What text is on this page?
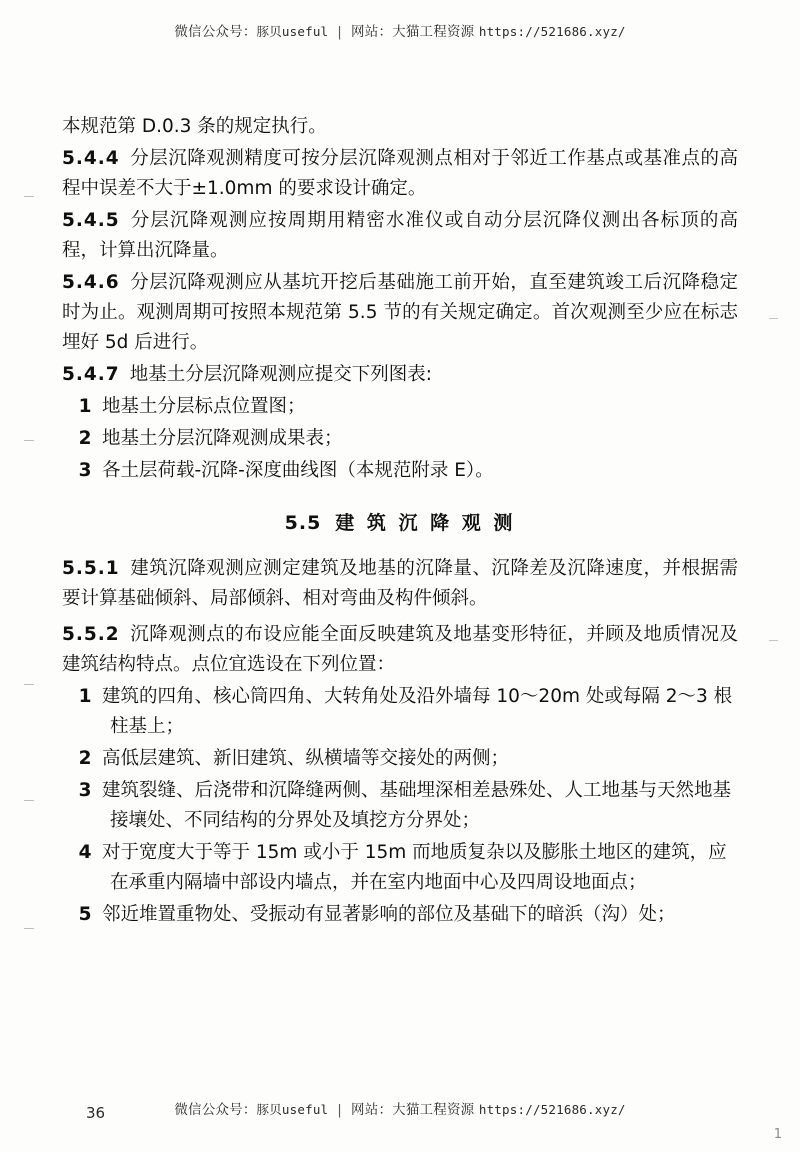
微信公众号：豚贝useful | 网站：大猫工程资源 https://521686.xyz/

本规范第 D.0.3 条的规定执行。

5.4.4 分层沉降观测精度可按分层沉降观测点相对于邻近工作基点或基准点的高程中误差不大于±1.0mm 的要求设计确定。

5.4.5 分层沉降观测应按周期用精密水准仪或自动分层沉降仪测出各标顶的高程，计算出沉降量。

5.4.6 分层沉降观测应从基坑开挖后基础施工前开始，直至建筑竣工后沉降稳定时为止。观测周期可按照本规范第 5.5 节的有关规定确定。首次观测至少应在标志埋好 5d 后进行。

5.4.7 地基土分层沉降观测应提交下列图表:

1 地基土分层标点位置图；

2 地基土分层沉降观测成果表；

3 各土层荷载-沉降-深度曲线图（本规范附录 E）。

5.5 建 筑 沉 降 观 测

5.5.1 建筑沉降观测应测定建筑及地基的沉降量、沉降差及沉降速度，并根据需要计算基础倾斜、局部倾斜、相对弯曲及构件倾斜。

5.5.2 沉降观测点的布设应能全面反映建筑及地基变形特征，并顾及地质情况及建筑结构特点。点位宜选设在下列位置：

1 建筑的四角、核心筒四角、大转角处及沿外墙每 10～20m 处或每隔 2～3 根柱基上；

2 高低层建筑、新旧建筑、纵横墙等交接处的两侧；

3 建筑裂缝、后浇带和沉降缝两侧、基础埋深相差悬殊处、人工地基与天然地基接壤处、不同结构的分界处及填挖方分界处；

4 对于宽度大于等于 15m 或小于 15m 而地质复杂以及膨胀土地区的建筑，应在承重内隔墙中部设内墙点，并在室内地面中心及四周设地面点；

5 邻近堆置重物处、受振动有显著影响的部位及基础下的暗浜（沟）处；

36	微信公众号：豚贝useful | 网站：大猫工程资源 https://521686.xyz/
1
